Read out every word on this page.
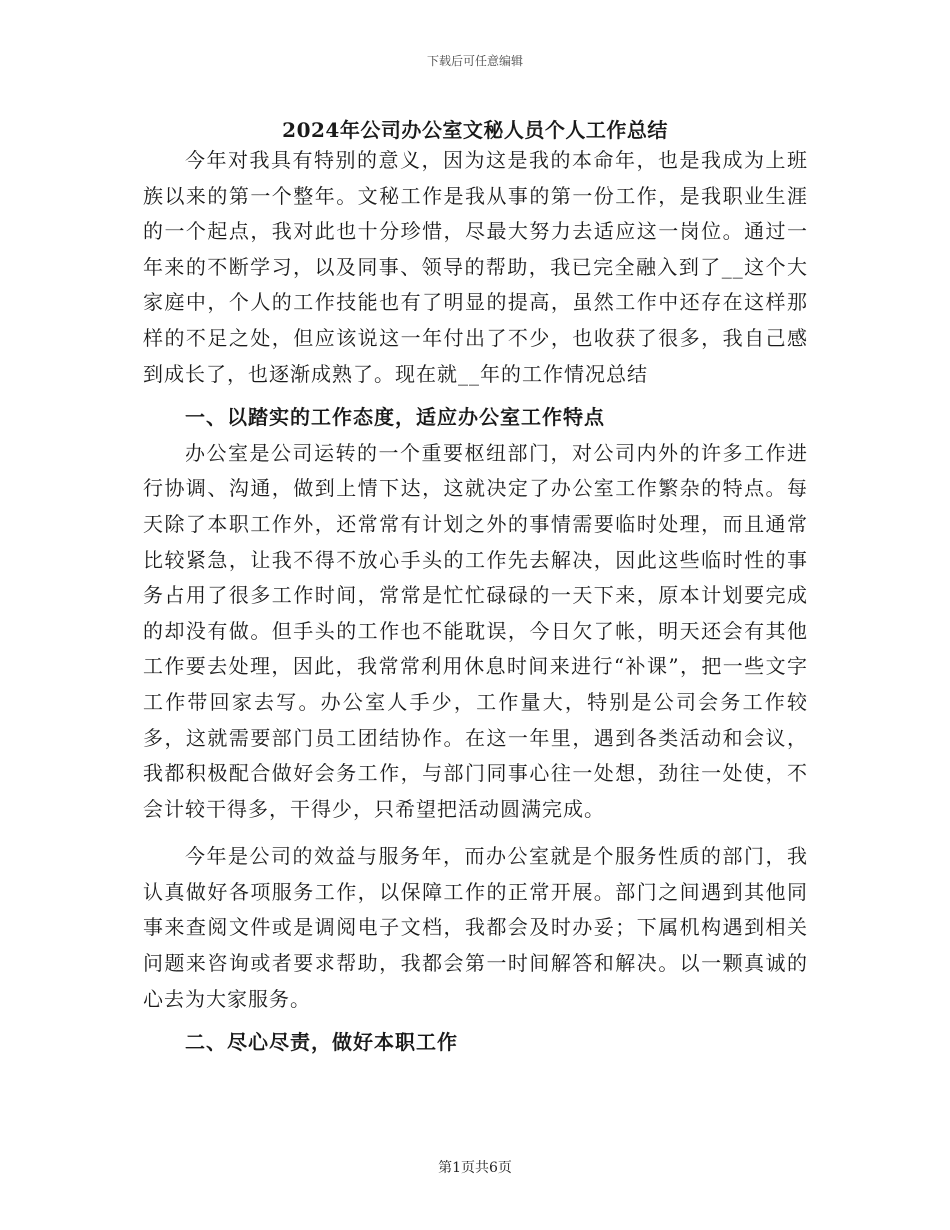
下载后可任意编辑
2024年公司办公室文秘人员个人工作总结

今年对我具有特别的意义，因为这是我的本命年，也是我成为上班族以来的第一个整年。文秘工作是我从事的第一份工作，是我职业生涯的一个起点，我对此也十分珍惜，尽最大努力去适应这一岗位。通过一年来的不断学习，以及同事、领导的帮助，我已完全融入到了__这个大家庭中，个人的工作技能也有了明显的提高，虽然工作中还存在这样那样的不足之处，但应该说这一年付出了不少，也收获了很多，我自己感到成长了，也逐渐成熟了。现在就__年的工作情况总结

一、以踏实的工作态度，适应办公室工作特点

办公室是公司运转的一个重要枢纽部门，对公司内外的许多工作进行协调、沟通，做到上情下达，这就决定了办公室工作繁杂的特点。每天除了本职工作外，还常常有计划之外的事情需要临时处理，而且通常比较紧急，让我不得不放心手头的工作先去解决，因此这些临时性的事务占用了很多工作时间，常常是忙忙碌碌的一天下来，原本计划要完成的却没有做。但手头的工作也不能耽误，今日欠了帐，明天还会有其他工作要去处理，因此，我常常利用休息时间来进行“补课”，把一些文字工作带回家去写。办公室人手少，工作量大，特别是公司会务工作较多，这就需要部门员工团结协作。在这一年里，遇到各类活动和会议，我都积极配合做好会务工作，与部门同事心往一处想，劲往一处使，不会计较干得多，干得少，只希望把活动圆满完成。

今年是公司的效益与服务年，而办公室就是个服务性质的部门，我认真做好各项服务工作，以保障工作的正常开展。部门之间遇到其他同事来查阅文件或是调阅电子文档，我都会及时办妥；下属机构遇到相关问题来咨询或者要求帮助，我都会第一时间解答和解决。以一颗真诚的心去为大家服务。

二、尽心尽责，做好本职工作

第1页共6页
